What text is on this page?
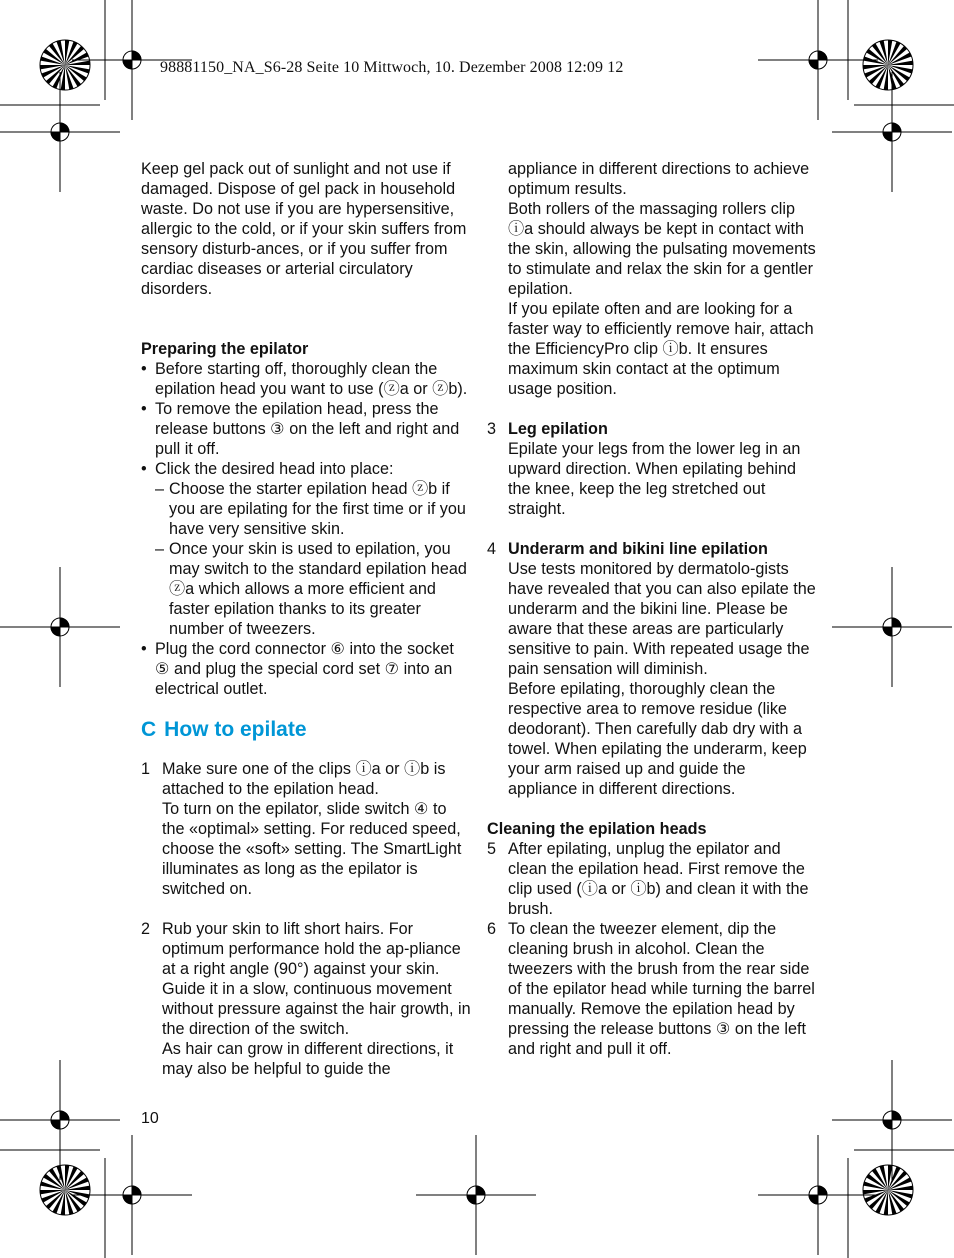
98881150_NA_S6-28 Seite 10 Mittwoch, 10. Dezember 2008 12:09 12

Keep gel pack out of sunlight and not use if damaged. Dispose of gel pack in household waste. Do not use if you are hypersensitive, allergic to the cold, or if your skin suffers from sensory disturb-ances, or if you suffer from cardiac diseases or arterial circulatory disorders.

Preparing the epilator

• Before starting off, thoroughly clean the epilation head you want to use (ⓩa or ⓩb).
• To remove the epilation head, press the release buttons ③ on the left and right and pull it off.
• Click the desired head into place:
– Choose the starter epilation head ⓩb if you are epilating for the first time or if you have very sensitive skin.
– Once your skin is used to epilation, you may switch to the standard epilation head ⓩa which allows a more efficient and faster epilation thanks to its greater number of tweezers.
• Plug the cord connector ⑥ into the socket ⑤ and plug the special cord set ⑦ into an electrical outlet.

C How to epilate

1 Make sure one of the clips ⓘa or ⓘb is attached to the epilation head.
To turn on the epilator, slide switch ④ to the «optimal» setting. For reduced speed, choose the «soft» setting. The SmartLight illuminates as long as the epilator is switched on.
2 Rub your skin to lift short hairs. For optimum performance hold the ap-pliance at a right angle (90°) against your skin. Guide it in a slow, continuous movement without pressure against the hair growth, in the direction of the switch.
As hair can grow in different directions, it may also be helpful to guide the
appliance in different directions to achieve optimum results.
Both rollers of the massaging rollers clip ⓘa should always be kept in contact with the skin, allowing the pulsating movements to stimulate and relax the skin for a gentler epilation.
If you epilate often and are looking for a faster way to efficiently remove hair, attach the EfficiencyPro clip ⓘb. It ensures maximum skin contact at the optimum usage position.
3 Leg epilation
Epilate your legs from the lower leg in an upward direction. When epilating behind the knee, keep the leg stretched out straight.
4 Underarm and bikini line epilation
Use tests monitored by dermatolo-gists have revealed that you can also epilate the underarm and the bikini line. Please be aware that these areas are particularly sensitive to pain. With repeated usage the pain sensation will diminish.
Before epilating, thoroughly clean the respective area to remove residue (like deodorant). Then carefully dab dry with a towel. When epilating the underarm, keep your arm raised up and guide the appliance in different directions.

Cleaning the epilation heads

5 After epilating, unplug the epilator and clean the epilation head. First remove the clip used (ⓘa or ⓘb) and clean it with the brush.
6 To clean the tweezer element, dip the cleaning brush in alcohol. Clean the tweezers with the brush from the rear side of the epilator head while turning the barrel manually. Remove the epilation head by pressing the release buttons ③ on the left and right and pull it off.
10
